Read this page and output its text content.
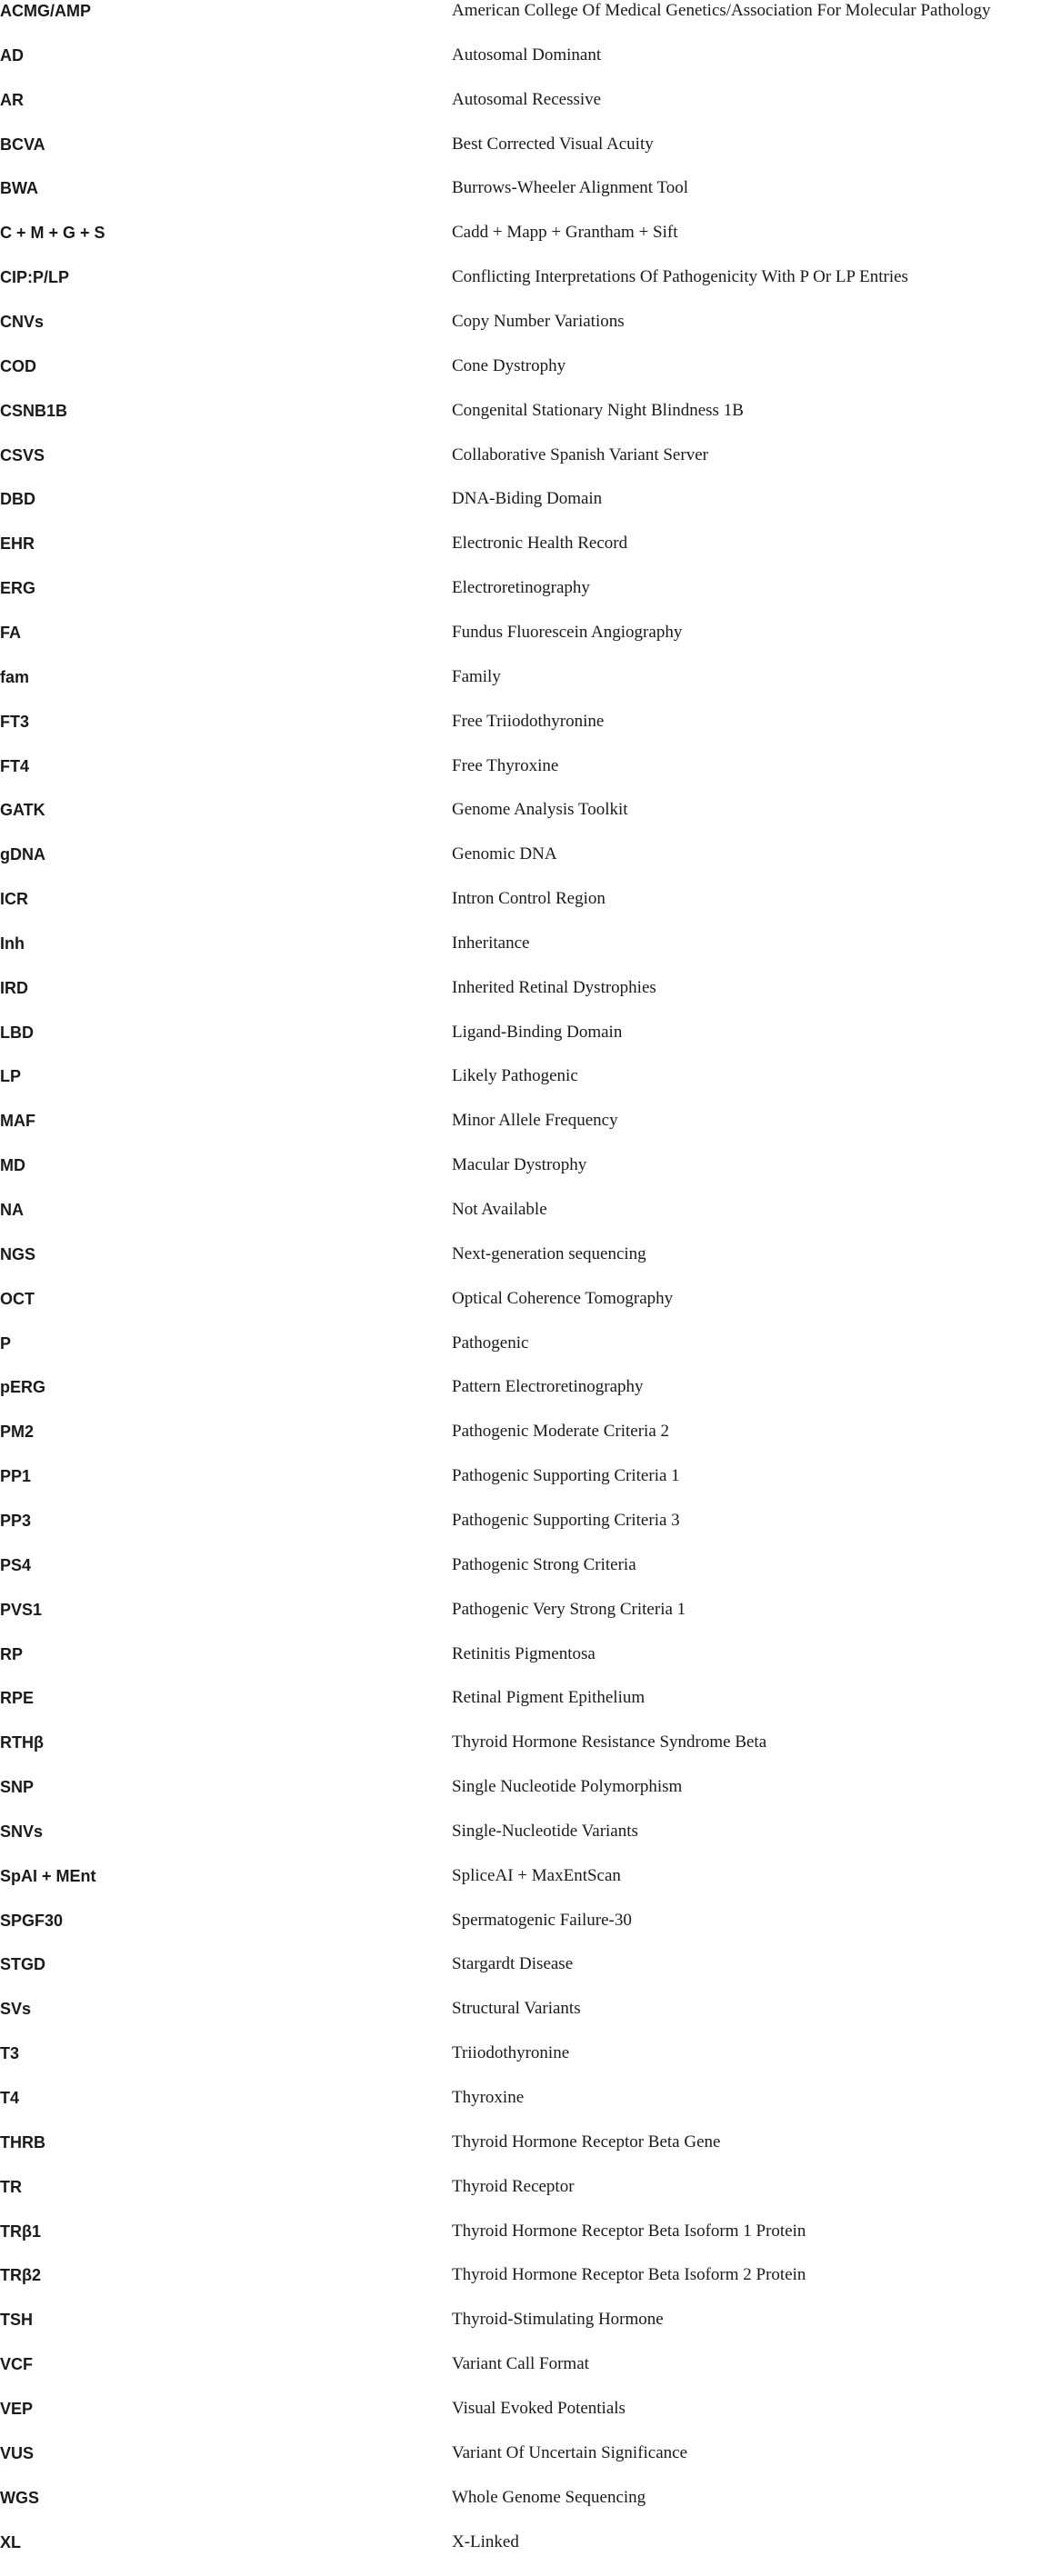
ACMG/AMP	American College Of Medical Genetics/Association For Molecular Pathology
AD	Autosomal Dominant
AR	Autosomal Recessive
BCVA	Best Corrected Visual Acuity
BWA	Burrows-Wheeler Alignment Tool
C + M + G + S	Cadd + Mapp + Grantham + Sift
CIP:P/LP	Conflicting Interpretations Of Pathogenicity With P Or LP Entries
CNVs	Copy Number Variations
COD	Cone Dystrophy
CSNB1B	Congenital Stationary Night Blindness 1B
CSVS	Collaborative Spanish Variant Server
DBD	DNA-Biding Domain
EHR	Electronic Health Record
ERG	Electroretinography
FA	Fundus Fluorescein Angiography
fam	Family
FT3	Free Triiodothyronine
FT4	Free Thyroxine
GATK	Genome Analysis Toolkit
gDNA	Genomic DNA
ICR	Intron Control Region
Inh	Inheritance
IRD	Inherited Retinal Dystrophies
LBD	Ligand-Binding Domain
LP	Likely Pathogenic
MAF	Minor Allele Frequency
MD	Macular Dystrophy
NA	Not Available
NGS	Next-generation sequencing
OCT	Optical Coherence Tomography
P	Pathogenic
pERG	Pattern Electroretinography
PM2	Pathogenic Moderate Criteria 2
PP1	Pathogenic Supporting Criteria 1
PP3	Pathogenic Supporting Criteria 3
PS4	Pathogenic Strong Criteria
PVS1	Pathogenic Very Strong Criteria 1
RP	Retinitis Pigmentosa
RPE	Retinal Pigment Epithelium
RTHβ	Thyroid Hormone Resistance Syndrome Beta
SNP	Single Nucleotide Polymorphism
SNVs	Single-Nucleotide Variants
SpAI + MEnt	SpliceAI + MaxEntScan
SPGF30	Spermatogenic Failure-30
STGD	Stargardt Disease
SVs	Structural Variants
T3	Triiodothyronine
T4	Thyroxine
THRB	Thyroid Hormone Receptor Beta Gene
TR	Thyroid Receptor
TRβ1	Thyroid Hormone Receptor Beta Isoform 1 Protein
TRβ2	Thyroid Hormone Receptor Beta Isoform 2 Protein
TSH	Thyroid-Stimulating Hormone
VCF	Variant Call Format
VEP	Visual Evoked Potentials
VUS	Variant Of Uncertain Significance
WGS	Whole Genome Sequencing
XL	X-Linked
